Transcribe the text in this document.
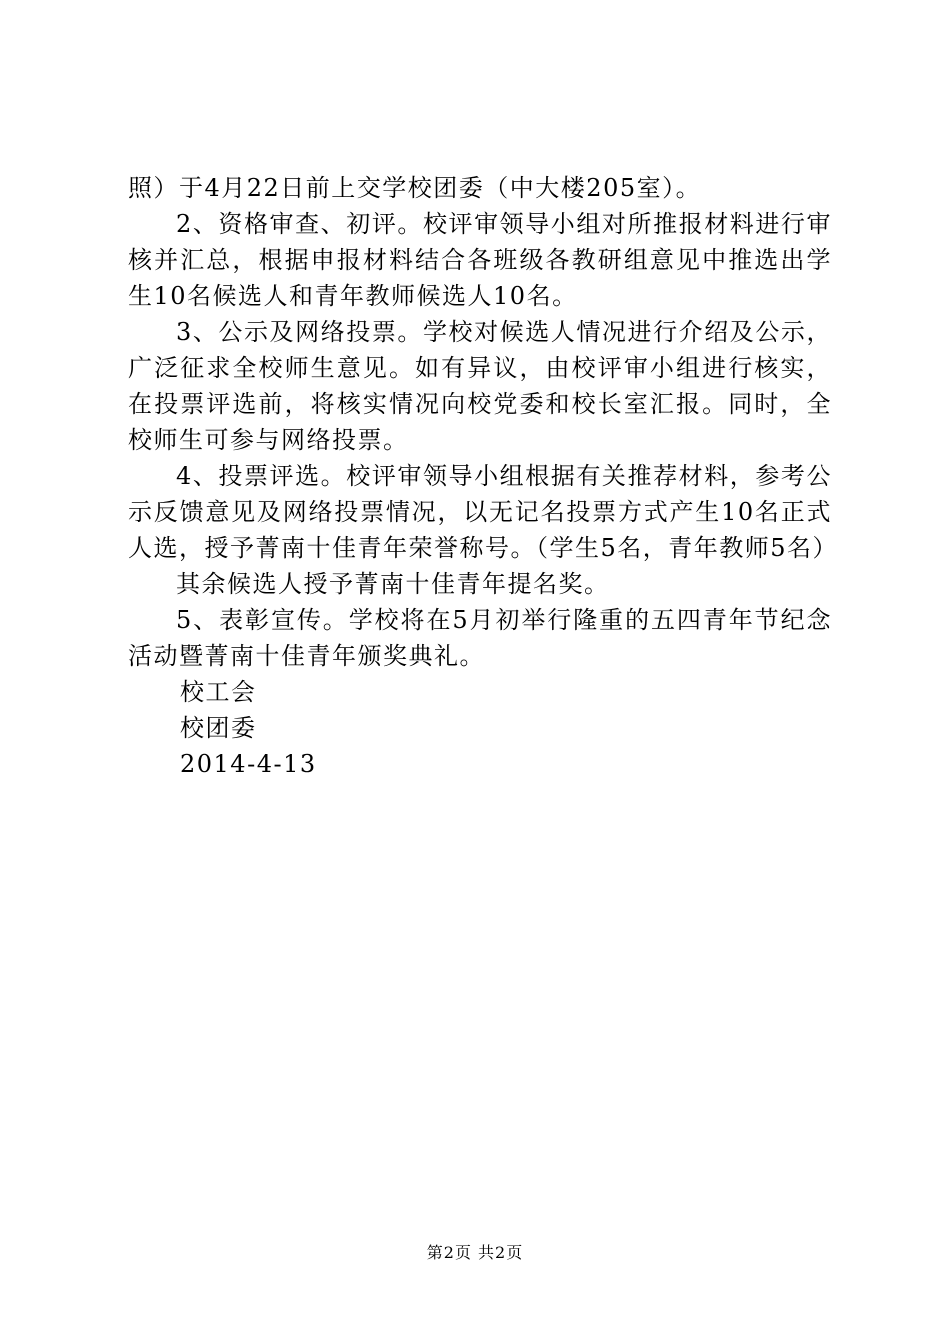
照）于4月22日前上交学校团委（中大楼205室）。

2、资格审查、初评。校评审领导小组对所推报材料进行审核并汇总，根据申报材料结合各班级各教研组意见中推选出学生10名候选人和青年教师候选人10名。

3、公示及网络投票。学校对候选人情况进行介绍及公示，广泛征求全校师生意见。如有异议，由校评审小组进行核实，在投票评选前，将核实情况向校党委和校长室汇报。同时，全校师生可参与网络投票。

4、投票评选。校评审领导小组根据有关推荐材料，参考公示反馈意见及网络投票情况，以无记名投票方式产生10名正式人选，授予菁南十佳青年荣誉称号。（学生5名，青年教师5名）

其余候选人授予菁南十佳青年提名奖。

5、表彰宣传。学校将在5月初举行隆重的五四青年节纪念活动暨菁南十佳青年颁奖典礼。

校工会

校团委

2014-4-13

第2页 共2页
